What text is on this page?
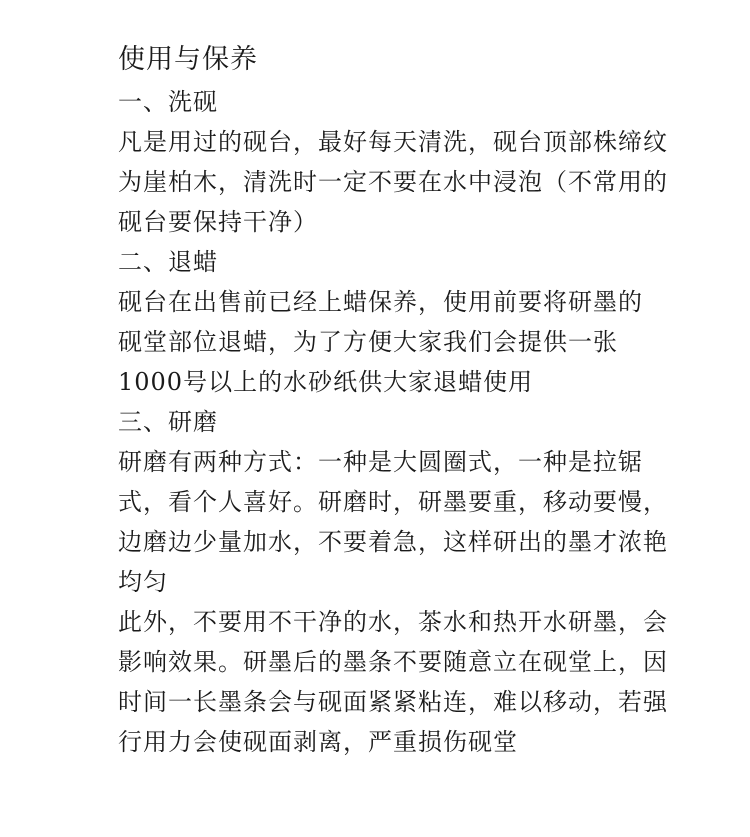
使用与保养
一、洗砚

凡是用过的砚台，最好每天清洗，砚台顶部株缔纹
为崖柏木，清洗时一定不要在水中浸泡（不常用的
砚台要保持干净）

二、退蜡

砚台在出售前已经上蜡保养，使用前要将研墨的
砚堂部位退蜡，为了方便大家我们会提供一张
1000号以上的水砂纸供大家退蜡使用

三、研磨

研磨有两种方式：一种是大圆圈式，一种是拉锯
式，看个人喜好。研磨时，研墨要重，移动要慢，
边磨边少量加水，不要着急，这样研出的墨才浓艳
均匀

此外，不要用不干净的水，茶水和热开水研墨，会
影响效果。研墨后的墨条不要随意立在砚堂上，因
时间一长墨条会与砚面紧紧粘连，难以移动，若强
行用力会使砚面剥离，严重损伤砚堂
